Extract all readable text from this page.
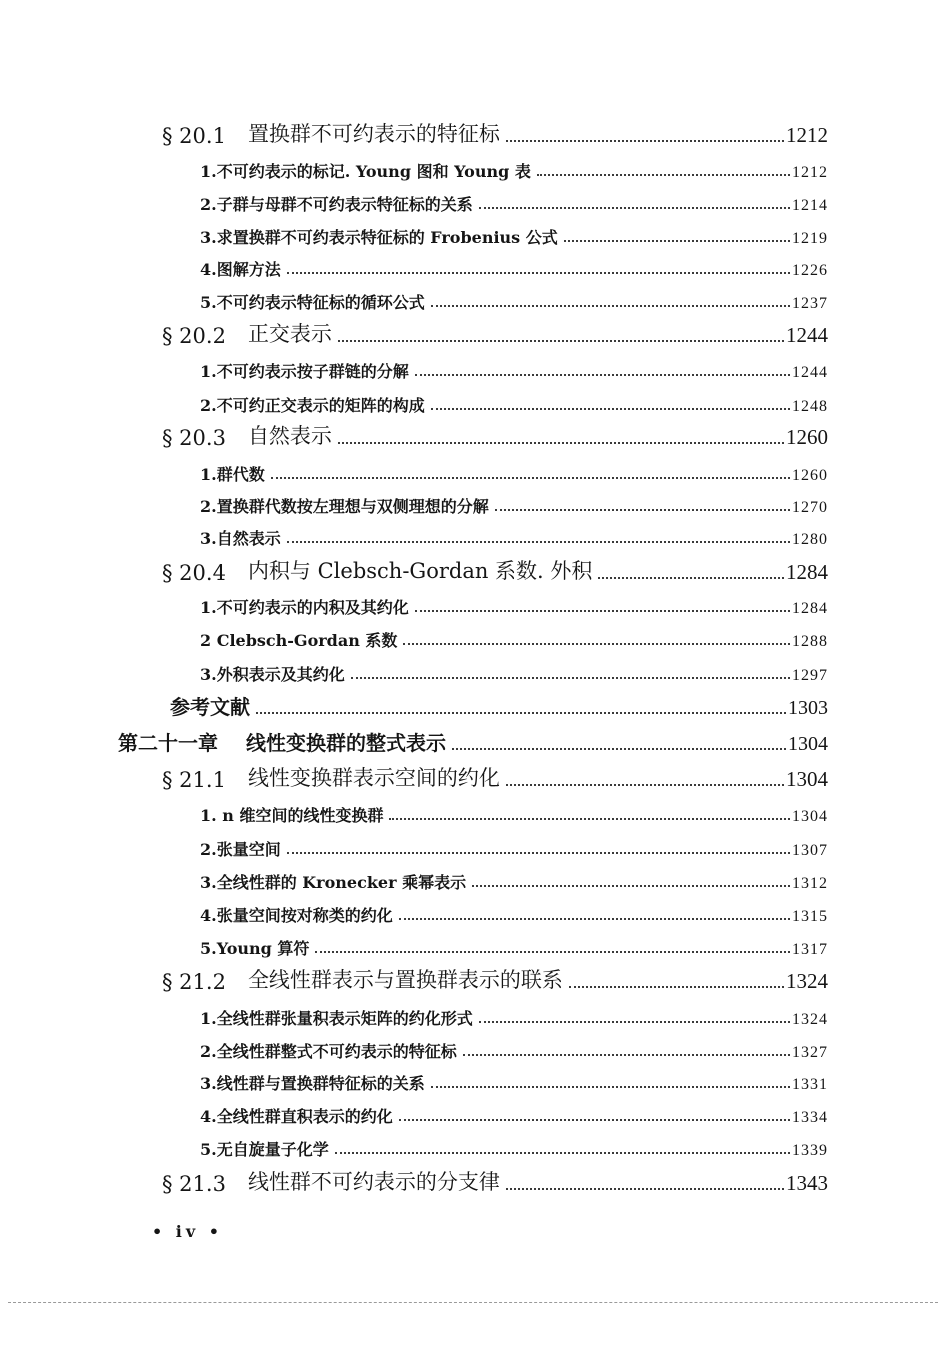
§ 20.1 置换群不可约表示的特征标	1212
1.不可约表示的标记. Young 图和 Young 表	1212
2.子群与母群不可约表示特征标的关系	1214
3.求置换群不可约表示特征标的 Frobenius 公式	1219
4.图解方法	1226
5.不可约表示特征标的循环公式	1237
§ 20.2 正交表示	1244
1.不可约表示按子群链的分解	1244
2.不可约正交表示的矩阵的构成	1248
§ 20.3 自然表示	1260
1.群代数	1260
2.置换群代数按左理想与双侧理想的分解	1270
3.自然表示	1280
§ 20.4 内积与 Clebsch-Gordan 系数. 外积	1284
1.不可约表示的内积及其约化	1284
2 Clebsch-Gordan 系数	1288
3.外积表示及其约化	1297
参考文献	1303
第二十一章 线性变换群的整式表示	1304
§ 21.1 线性变换群表示空间的约化	1304
1. n 维空间的线性变换群	1304
2.张量空间	1307
3.全线性群的 Kronecker 乘幂表示	1312
4.张量空间按对称类的约化	1315
5.Young 算符	1317
§ 21.2 全线性群表示与置换群表示的联系	1324
1.全线性群张量积表示矩阵的约化形式	1324
2.全线性群整式不可约表示的特征标	1327
3.线性群与置换群特征标的关系	1331
4.全线性群直积表示的约化	1334
5.无自旋量子化学	1339
§ 21.3 线性群不可约表示的分支律	1343
• iv •
